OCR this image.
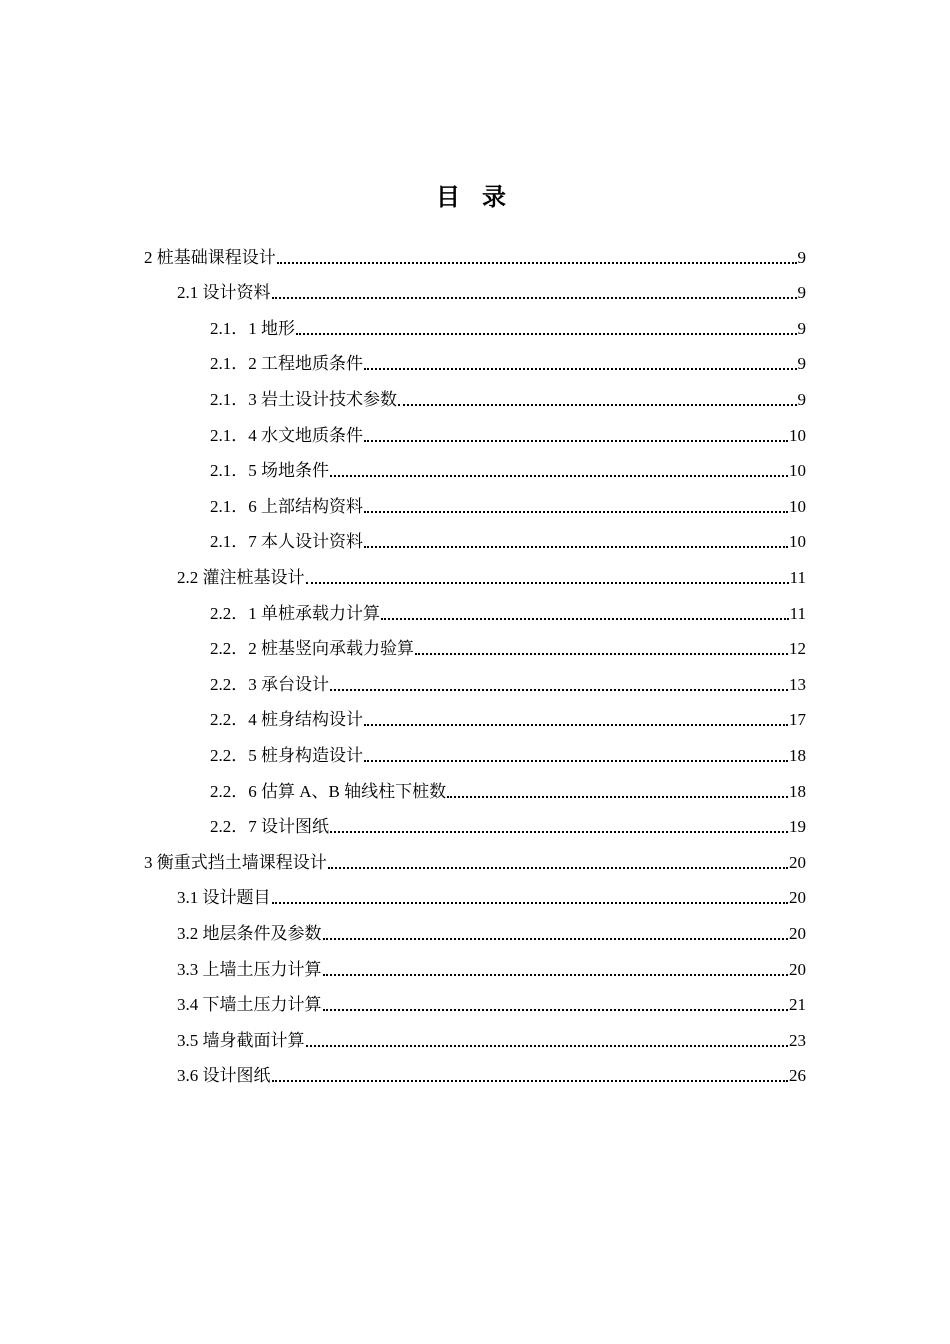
目 录
2 桩基础课程设计	9
2.1 设计资料	9
2.1．1 地形	9
2.1．2 工程地质条件	9
2.1．3 岩土设计技术参数	9
2.1．4 水文地质条件	10
2.1．5 场地条件	10
2.1．6 上部结构资料	10
2.1．7 本人设计资料	10
2.2 灌注桩基设计	11
2.2．1 单桩承载力计算	11
2.2．2 桩基竖向承载力验算	12
2.2．3 承台设计	13
2.2．4 桩身结构设计	17
2.2．5 桩身构造设计	18
2.2．6 估算 A、B 轴线柱下桩数	18
2.2．7 设计图纸	19
3 衡重式挡土墙课程设计	20
3.1 设计题目	20
3.2 地层条件及参数	20
3.3 上墙土压力计算	20
3.4 下墙土压力计算	21
3.5 墙身截面计算	23
3.6 设计图纸	26
